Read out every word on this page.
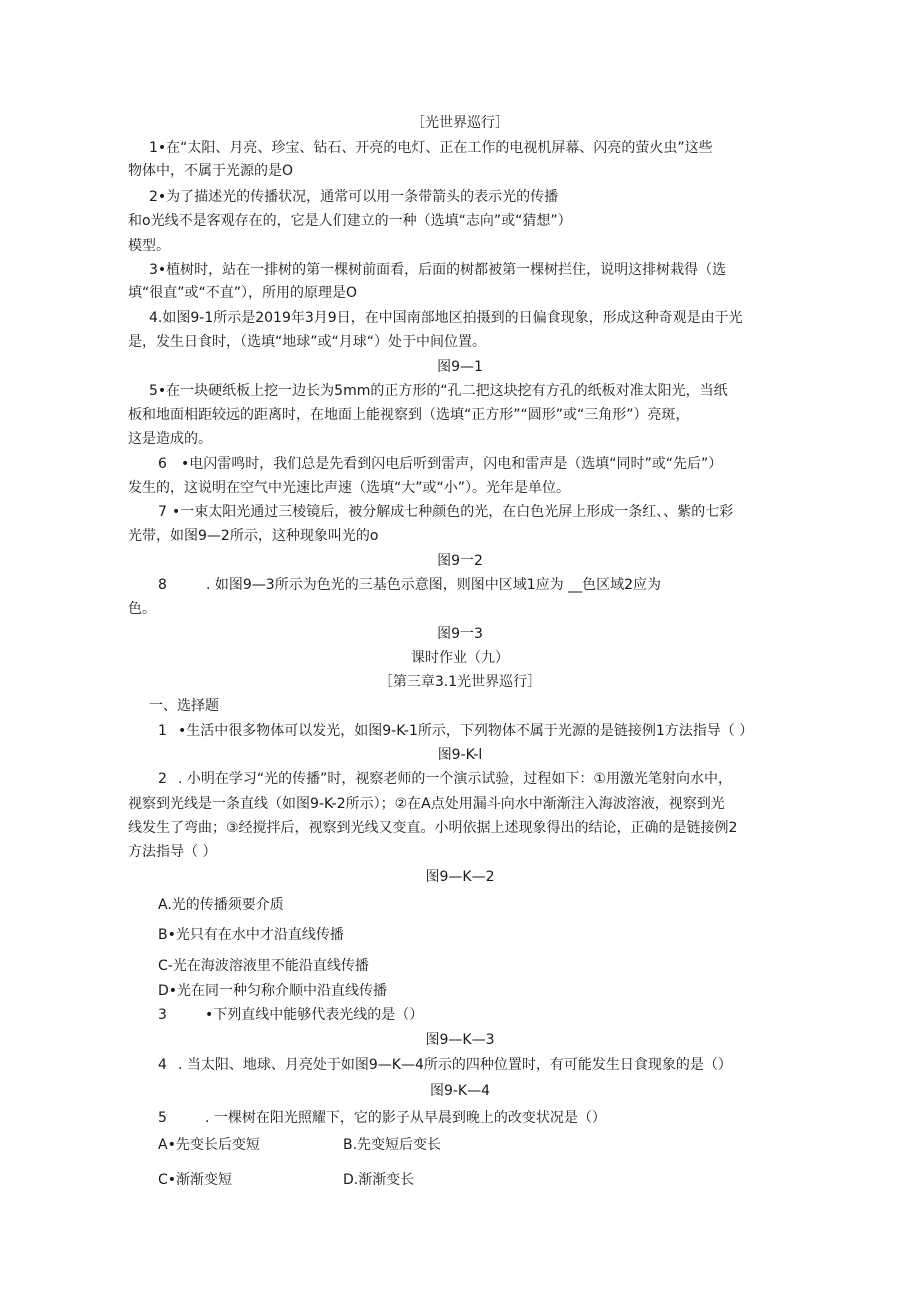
［光世界巡行］
1•在“太阳、月亮、珍宝、钻石、开亮的电灯、正在工作的电视机屏幕、闪亮的萤火虫”这些
物体中，不属于光源的是O
2•为了描述光的传播状况，通常可以用一条带箭头的表示光的传播
和o光线不是客观存在的，它是人们建立的一种（选填“志向”或“猜想”）
模型。
3•植树时，站在一排树的第一棵树前面看，后面的树都被第一棵树拦住，说明这排树栽得（选
填“很直”或“不直”），所用的原理是O
4.如图9-1所示是2019年3月9日，在中国南部地区拍摄到的日偏食现象，形成这种奇观是由于光
是，发生日食时，（选填“地球”或“月球“）处于中间位置。
图9—1
5•在一块硬纸板上挖一边长为5mm的正方形的“孔二把这块挖有方孔的纸板对准太阳光，当纸
板和地面相距较远的距离时，在地面上能视察到（选填“正方形”“圆形”或“三角形”）亮斑，
这是造成的。
6 •电闪雷鸣时，我们总是先看到闪电后听到雷声，闪电和雷声是（选填“同时”或“先后”）
发生的，这说明在空气中光速比声速（选填“大”或“小”）。光年是单位。
7 •一束太阳光通过三棱镜后，被分解成七种颜色的光，在白色光屏上形成一条红、、紫的七彩
光带，如图9—2所示，这种现象叫光的o
图9一2
8	. 如图9—3所示为色光的三基色示意图，则图中区域1应为 __色区域2应为
色。
图9一3
课时作业（九）
［第三章3.1光世界巡行］
一、选择题
1 •生活中很多物体可以发光，如图9-K-1所示，下列物体不属于光源的是链接例1方法指导（ ）
图9-K-l
2 . 小明在学习“光的传播”时，视察老师的一个演示试验，过程如下：①用激光笔射向水中，
视察到光线是一条直线（如图9-K-2所示）；②在A点处用漏斗向水中渐渐注入海波溶液，视察到光
线发生了弯曲；③经搅拌后，视察到光线又变直。小明依据上述现象得出的结论，正确的是链接例2
方法指导（ ）
图9—K—2
A.光的传播须要介质
B•光只有在水中才沿直线传播
C-光在海波溶液里不能沿直线传播
D•光在同一种匀称介顺中沿直线传播
3	•下列直线中能够代表光线的是（）
图9—K—3
4 . 当太阳、地球、月亮处于如图9—K—4所示的四种位置时，有可能发生日食现象的是（）
图9-K—4
5	. 一棵树在阳光照耀下，它的影子从早晨到晚上的改变状况是（）
A•先变长后变短	B.先变短后变长
C•渐渐变短	D.渐渐变长
